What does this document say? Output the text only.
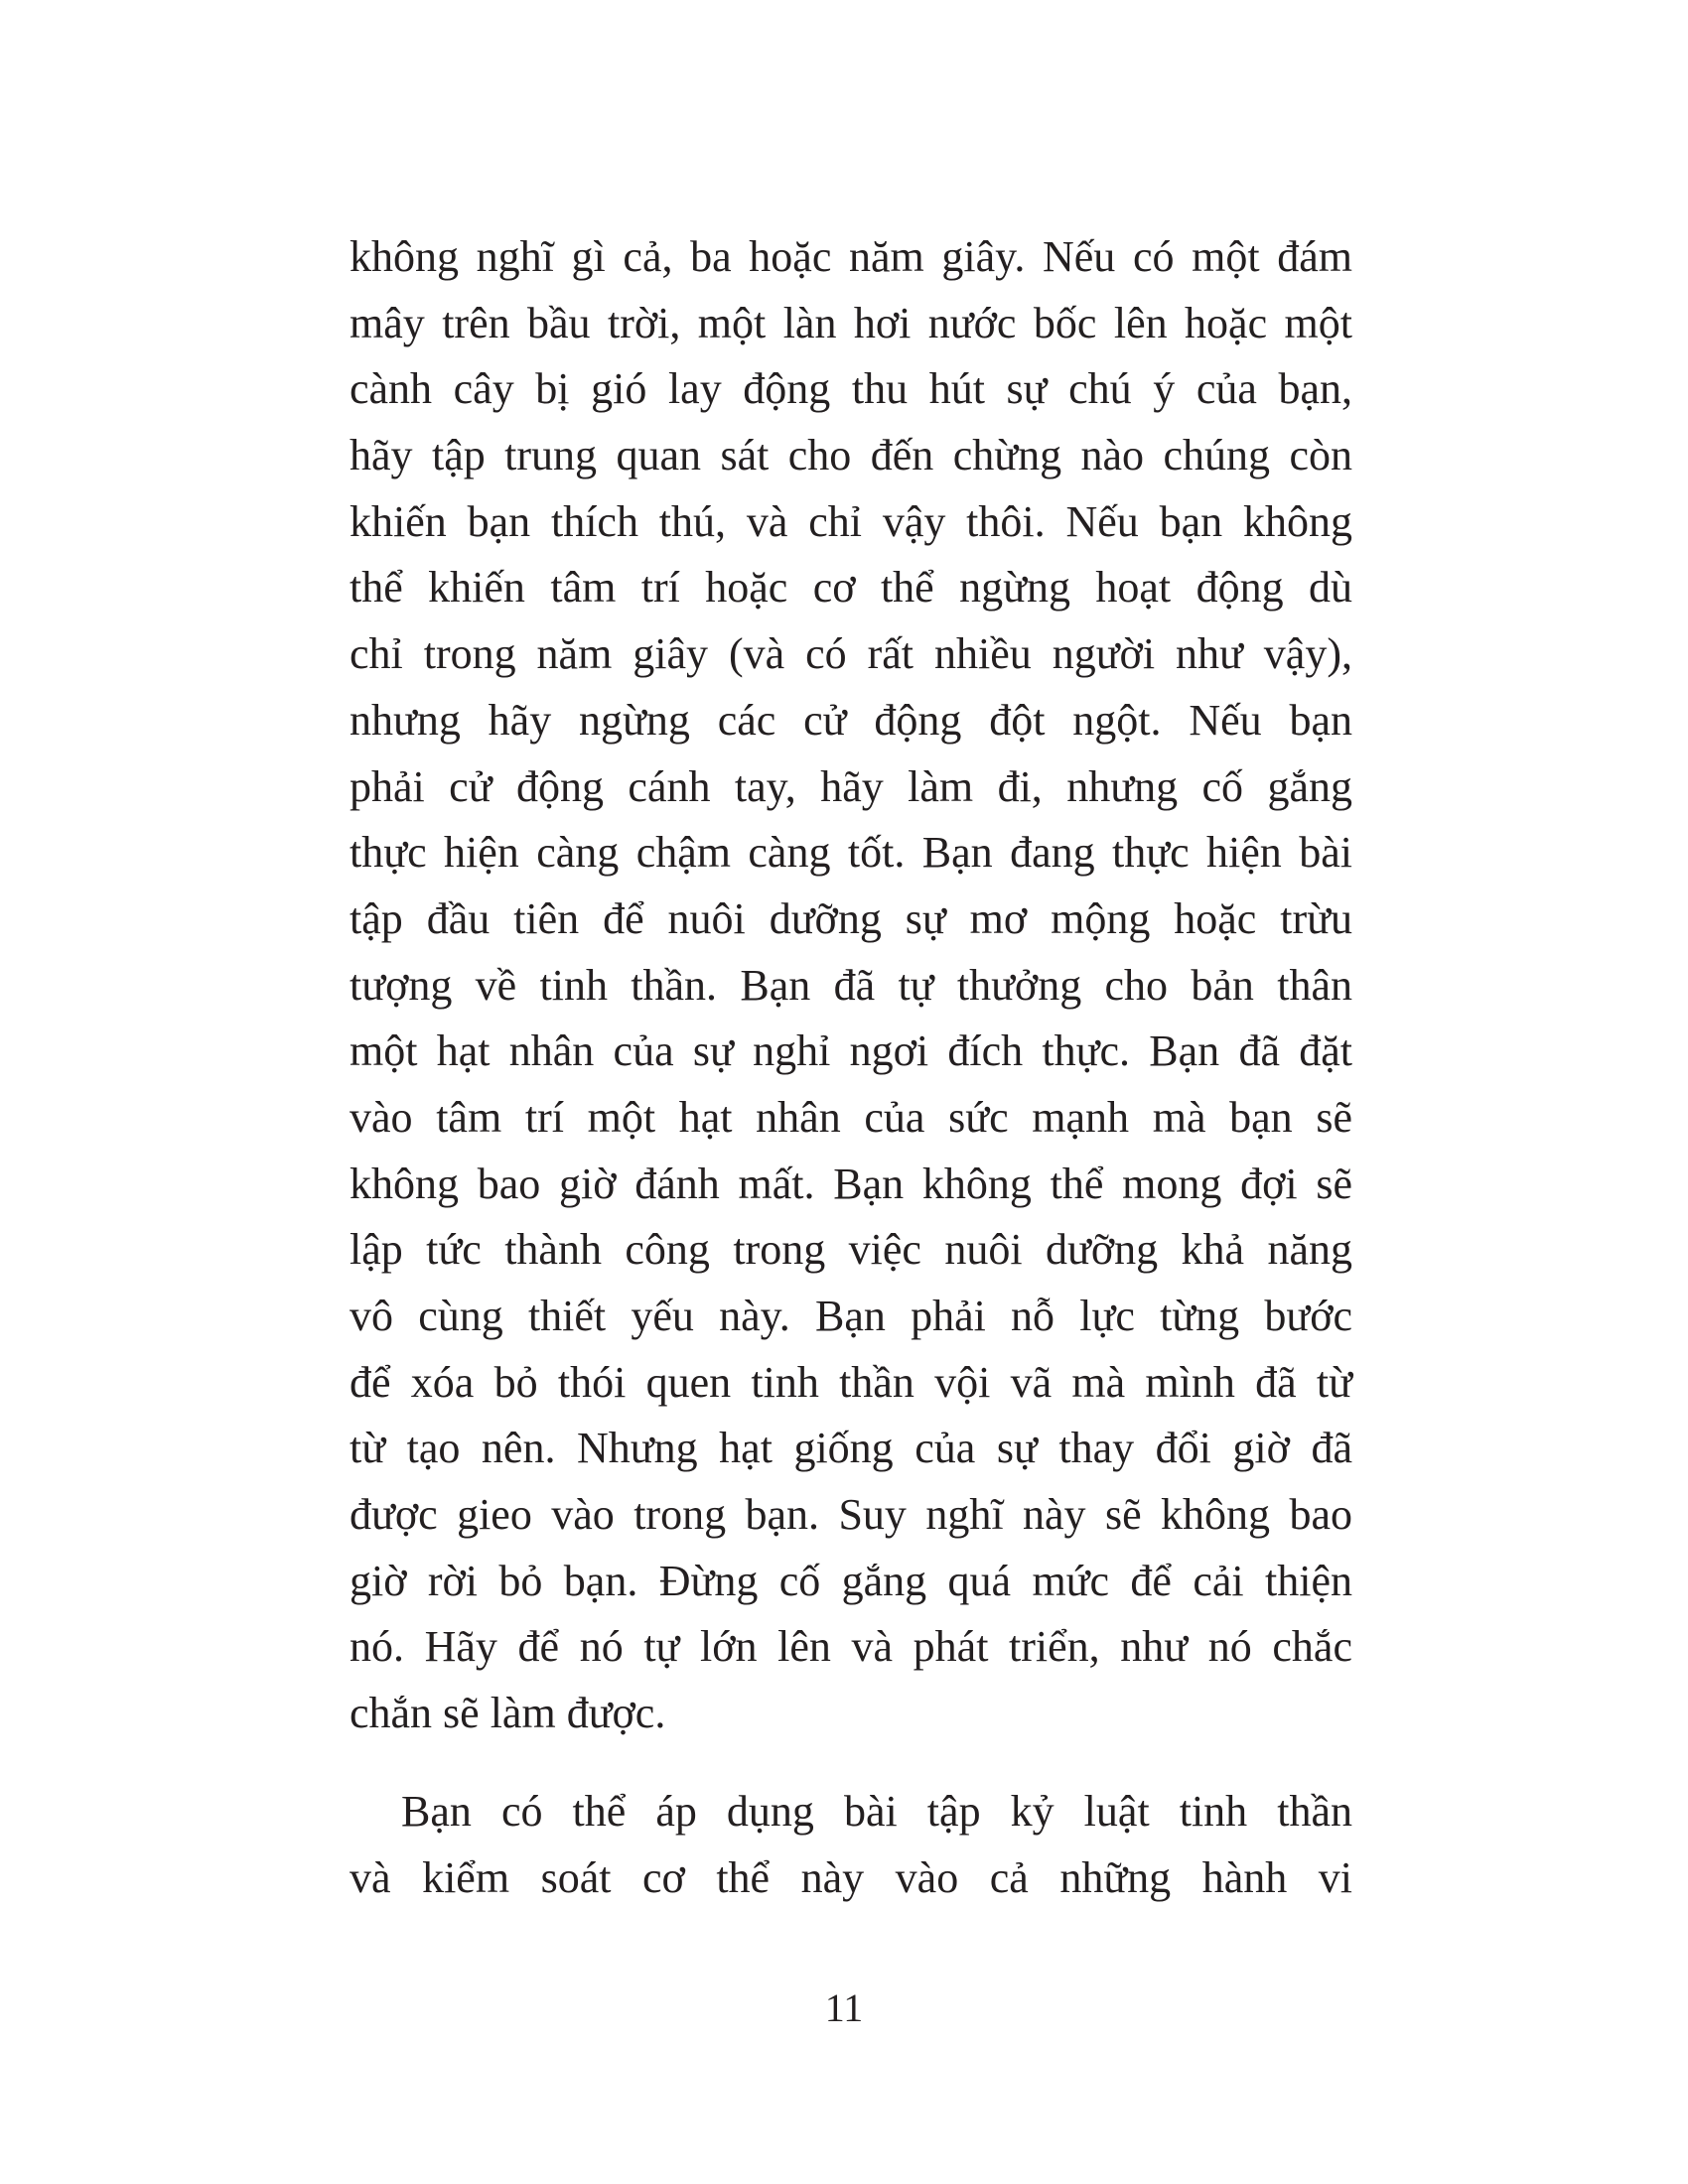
không nghĩ gì cả, ba hoặc năm giây. Nếu có một đám
mây trên bầu trời, một làn hơi nước bốc lên hoặc một
cành cây bị gió lay động thu hút sự chú ý của bạn,
hãy tập trung quan sát cho đến chừng nào chúng còn
khiến bạn thích thú, và chỉ vậy thôi. Nếu bạn không
thể khiến tâm trí hoặc cơ thể ngừng hoạt động dù
chỉ trong năm giây (và có rất nhiều người như vậy),
nhưng hãy ngừng các cử động đột ngột. Nếu bạn
phải cử động cánh tay, hãy làm đi, nhưng cố gắng
thực hiện càng chậm càng tốt. Bạn đang thực hiện bài
tập đầu tiên để nuôi dưỡng sự mơ mộng hoặc trừu
tượng về tinh thần. Bạn đã tự thưởng cho bản thân
một hạt nhân của sự nghỉ ngơi đích thực. Bạn đã đặt
vào tâm trí một hạt nhân của sức mạnh mà bạn sẽ
không bao giờ đánh mất. Bạn không thể mong đợi sẽ
lập tức thành công trong việc nuôi dưỡng khả năng
vô cùng thiết yếu này. Bạn phải nỗ lực từng bước
để xóa bỏ thói quen tinh thần vội vã mà mình đã từ
từ tạo nên. Nhưng hạt giống của sự thay đổi giờ đã
được gieo vào trong bạn. Suy nghĩ này sẽ không bao
giờ rời bỏ bạn. Đừng cố gắng quá mức để cải thiện
nó. Hãy để nó tự lớn lên và phát triển, như nó chắc
chắn sẽ làm được.
Bạn có thể áp dụng bài tập kỷ luật tinh thần
và kiểm soát cơ thể này vào cả những hành vi
11
